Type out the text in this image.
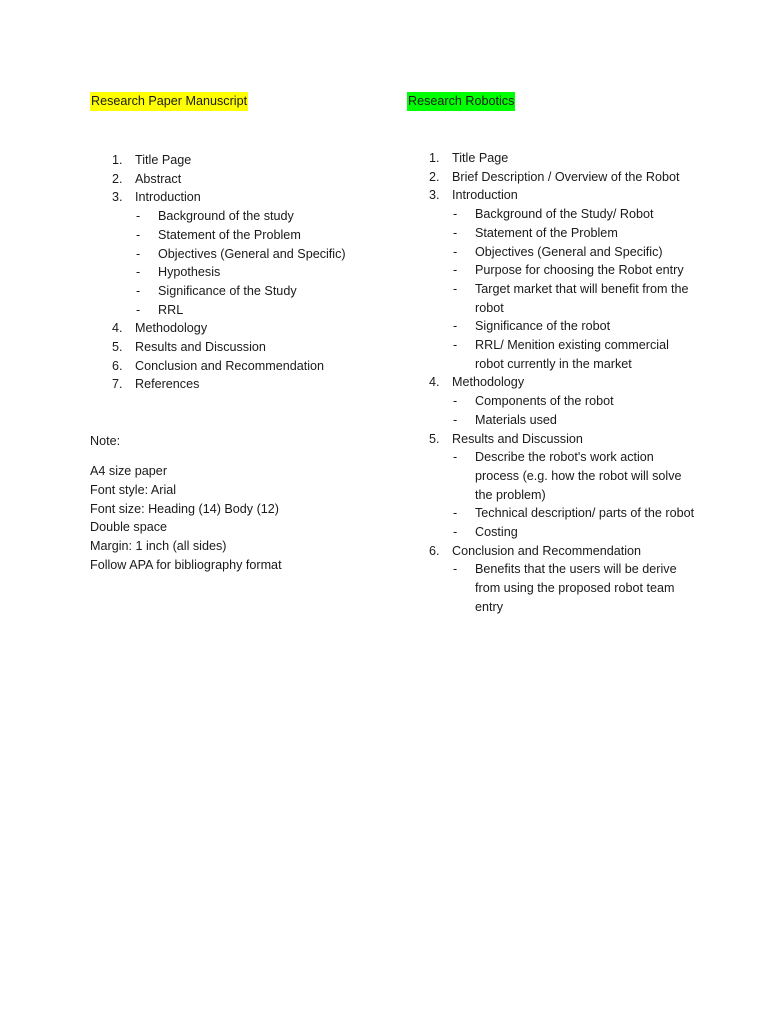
Research Paper Manuscript
1. Title Page
2. Abstract
3. Introduction
- Background of the study
- Statement of the Problem
- Objectives (General and Specific)
- Hypothesis
- Significance of the Study
- RRL
4. Methodology
5. Results and Discussion
6. Conclusion and Recommendation
7. References
Note:
A4 size paper
Font style: Arial
Font size: Heading (14) Body (12)
Double space
Margin: 1 inch (all sides)
Follow APA for bibliography format
Research Robotics
1. Title Page
2. Brief Description / Overview of the Robot
3. Introduction
- Background of the Study/ Robot
- Statement of the Problem
- Objectives (General and Specific)
- Purpose for choosing the Robot entry
- Target market that will benefit from the robot
- Significance of the robot
- RRL/ Menition existing commercial robot currently in the market
4. Methodology
- Components of the robot
- Materials used
5. Results and Discussion
- Describe the robot's work action process (e.g. how the robot will solve the problem)
- Technical description/ parts of the robot
- Costing
6. Conclusion and Recommendation
- Benefits that the users will be derive from using the proposed robot team entry
